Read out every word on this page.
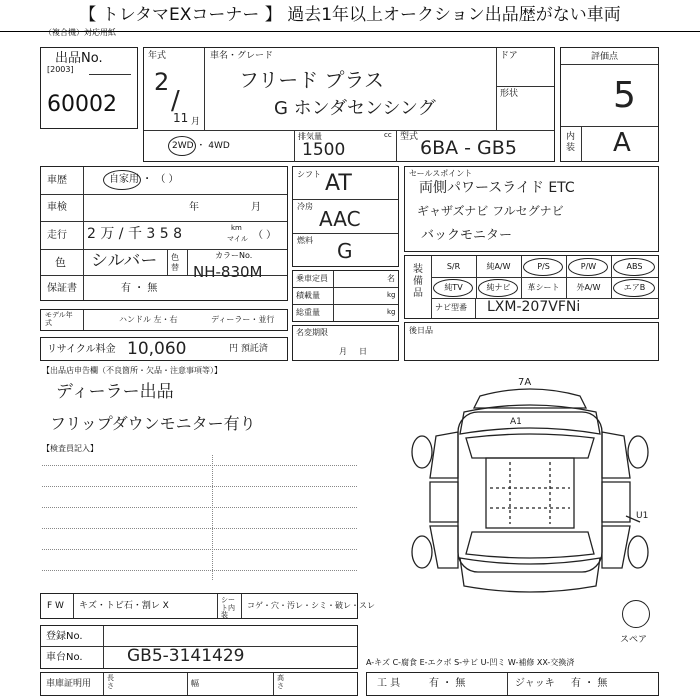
【 トレタマEXコーナー 】 過去1年以上オークション出品歴がない車両
（複合機）対応用紙
出品No.
[2003]
60002
年式
2
/
11 月
車名・グレード
フリード プラス
G ホンダセンシング
ドア
形状
2WD ・ 4WD
排気量
1500
cc 型式 6BA - GB5
評価点
5
内装 A
車歴	自家用 ・ （ ）
車検	年	月
走行 2 万 / 千 3 5 8	km
マイル （ ）
色 シルバー 色替
カラーNo.
NH-830M
保証書	有 ・ 無
モデル年式	ハンドル 左・右	ディーラー・並行
リサイクル料金 10,060	円 預託済
シフト AT
冷房
AAC
燃料 G
乗車定員	名
積載量	kg
総重量	kg
名変期限
月日
セールスポイント
両側パワースライド ETC
ギャザズナビ フルセグナビ
バックモニター
装備品
S/R	純A/W	P/S	P/W	ABS
純TV	純ナビ	革シート	外A/W	エアB
ナビ型番 LXM-207VFNi
後日品
【出品店申告欄（不良箇所・欠品・注意事項等）】
ディーラー出品
フリップダウンモニター有り
【検査員記入】
7A
A1
U1
スペア
F W キズ・トビ石・割レ X
シート内装
コゲ・穴・汚レ・シミ・破レ・スレ
登録No.
車台No.	GB5-3141429
車庫証明用
長さ	幅
高さ
A-キズ C-腐食 E-エクボ S-サビ U-凹ミ W-補修 XX-交換済
工 具	有 ・ 無	ジャッキ 有 ・ 無
